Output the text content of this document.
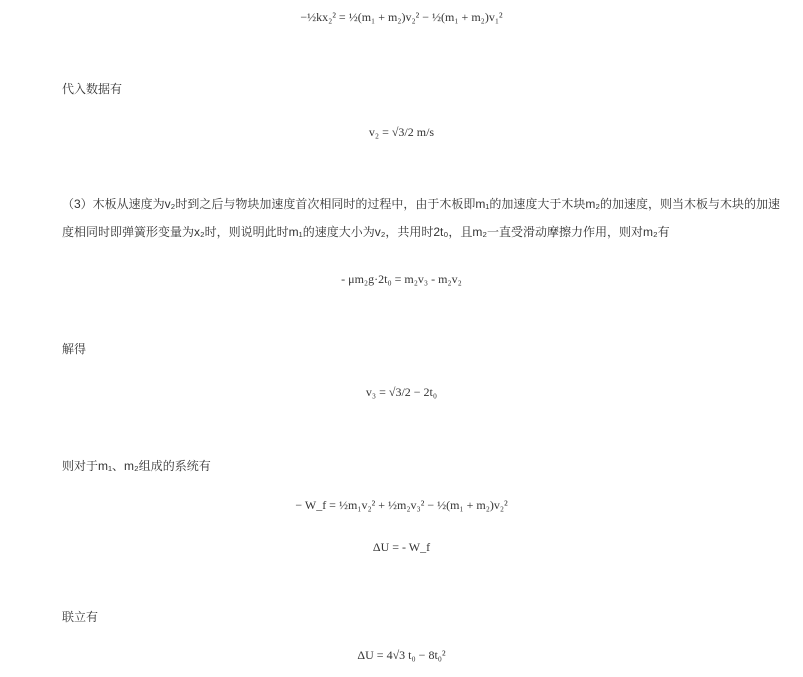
−½kx₂² = ½(m₁ + m₂)v₂² − ½(m₁ + m₂)v₁²
代入数据有
v₂ = √3/2 m/s
（3）木板从速度为v₂时到之后与物块加速度首次相同时的过程中，由于木板即m₁的加速度大于木块m₂的加速度，则当木板与木块的加速度相同时即弹簧形变量为x₂时，则说明此时m₁的速度大小为v₂，共用时2t₀，且m₂一直受滑动摩擦力作用，则对m₂有
- μm₂g·2t₀ = m₂v₃ - m₂v₂
解得
v₃ = √3/2 − 2t₀
则对于m₁、m₂组成的系统有
− W_f = ½m₁v₂² + ½m₂v₃² − ½(m₁ + m₂)v₂²
ΔU = - W_f
联立有
ΔU = 4√3 t₀ − 8t₀²
